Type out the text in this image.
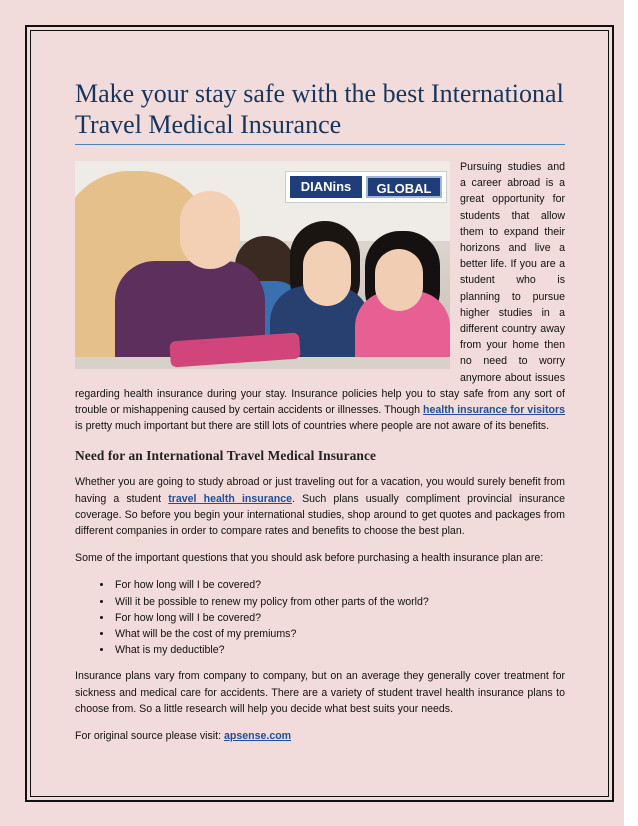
Make your stay safe with the best International Travel Medical Insurance
DIANins	GLOBAL

Pursuing studies and a career abroad is a great opportunity for students that allow them to expand their horizons and live a better life. If you are a student who is planning to pursue higher studies in a different country away from your home then no need to worry anymore about issues regarding health insurance during your stay. Insurance policies help you to stay safe from any sort of trouble or mishappening caused by certain accidents or illnesses. Though health insurance for visitors is pretty much important but there are still lots of countries where people are not aware of its benefits.

Need for an International Travel Medical Insurance

Whether you are going to study abroad or just traveling out for a vacation, you would surely benefit from having a student travel health insurance. Such plans usually compliment provincial insurance coverage. So before you begin your international studies, shop around to get quotes and packages from different companies in order to compare rates and benefits to choose the best plan.

Some of the important questions that you should ask before purchasing a health insurance plan are:

• For how long will I be covered?
• Will it be possible to renew my policy from other parts of the world?
• For how long will I be covered?
• What will be the cost of my premiums?
• What is my deductible?

Insurance plans vary from company to company, but on an average they generally cover treatment for sickness and medical care for accidents. There are a variety of student travel health insurance plans to choose from. So a little research will help you decide what best suits your needs.

For original source please visit: apsense.com
